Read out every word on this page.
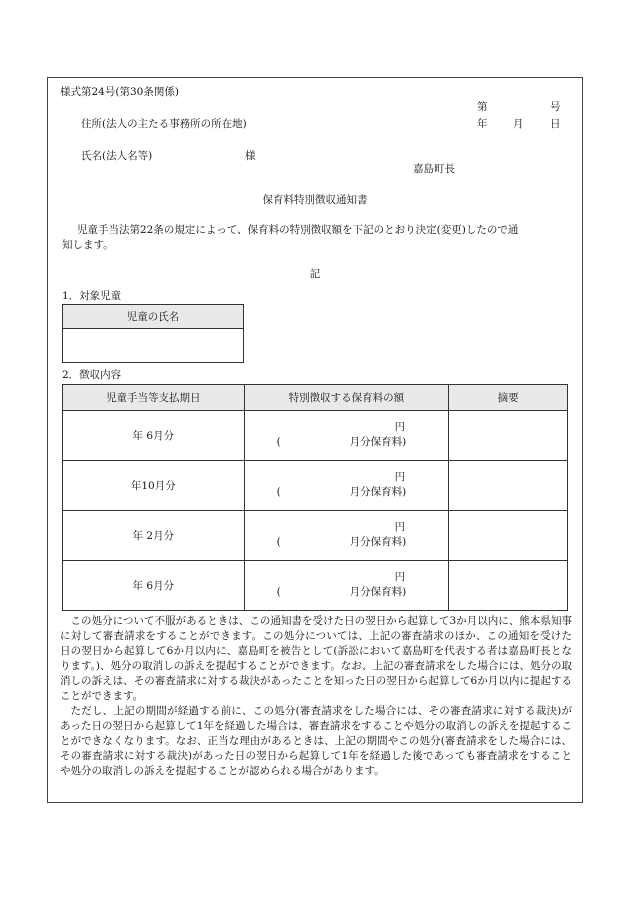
様式第24号(第30条関係)
第	号
住所(法人の主たる事務所の所在地)	年 月	日
氏名(法人名等)	様
嘉島町長
保育料特別徴収通知書
児童手当法第22条の規定によって、保育料の特別徴収額を下記のとおり決定(変更)したので通
知します。
記
1．対象児童
児童の氏名

2．徴収内容
児童手当等支払期日	特別徴収する保育料の額	摘要
年 6月分	円
( 月分保育料)	

年10月分	円
( 月分保育料)	

年 2月分	円
( 月分保育料)	

年 6月分	円
( 月分保育料)	

この処分について不服があるときは、この通知書を受けた日の翌日から起算して3か月以内に、熊本県知事に対して審査請求をすることができます。この処分については、上記の審査請求のほか、この通知を受けた日の翌日から起算して6か月以内に、嘉島町を被告として(訴訟において嘉島町を代表する者は嘉島町長となります。)、処分の取消しの訴えを提起することができます。なお、上記の審査請求をした場合には、処分の取消しの訴えは、その審査請求に対する裁決があったことを知った日の翌日から起算して6か月以内に提起することができます。

ただし、上記の期間が経過する前に、この処分(審査請求をした場合には、その審査請求に対する裁決)があった日の翌日から起算して1年を経過した場合は、審査請求をすることや処分の取消しの訴えを提起することができなくなります。なお、正当な理由があるときは、上記の期間やこの処分(審査請求をした場合には、その審査請求に対する裁決)があった日の翌日から起算して1年を経過した後であっても審査請求をすることや処分の取消しの訴えを提起することが認められる場合があります。
